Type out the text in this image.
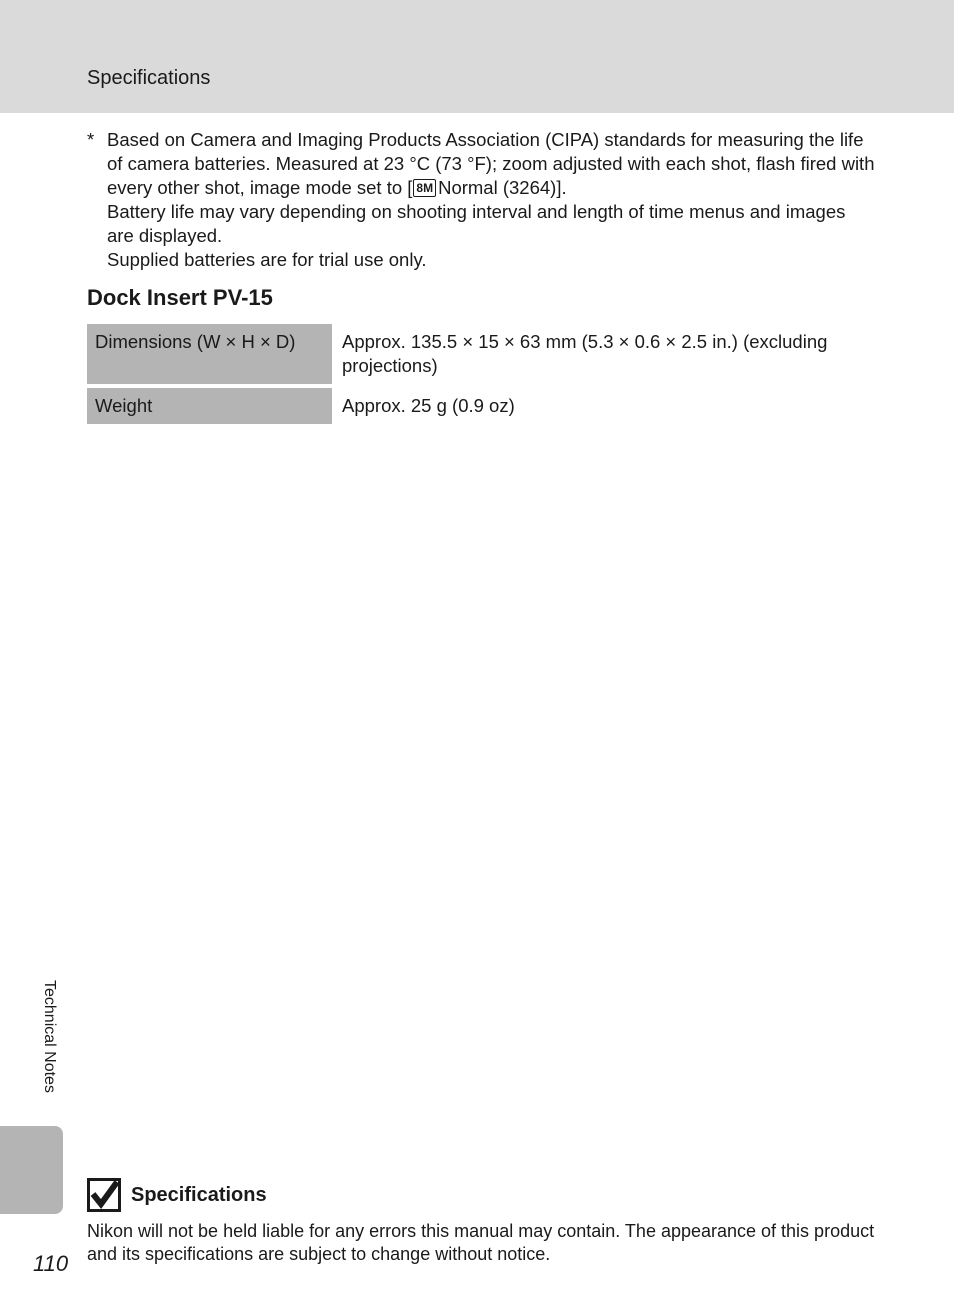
Specifications
* Based on Camera and Imaging Products Association (CIPA) standards for measuring the life of camera batteries. Measured at 23 °C (73 °F); zoom adjusted with each shot, flash fired with every other shot, image mode set to [ 8M Normal (3264)].
Battery life may vary depending on shooting interval and length of time menus and images are displayed.
Supplied batteries are for trial use only.
Dock Insert PV-15
Dimensions (W × H × D)	Approx. 135.5 × 15 × 63 mm (5.3 × 0.6 × 2.5 in.) (excluding projections)
Weight	Approx. 25 g (0.9 oz)
Technical Notes
110
Specifications
Nikon will not be held liable for any errors this manual may contain. The appearance of this product and its specifications are subject to change without notice.
